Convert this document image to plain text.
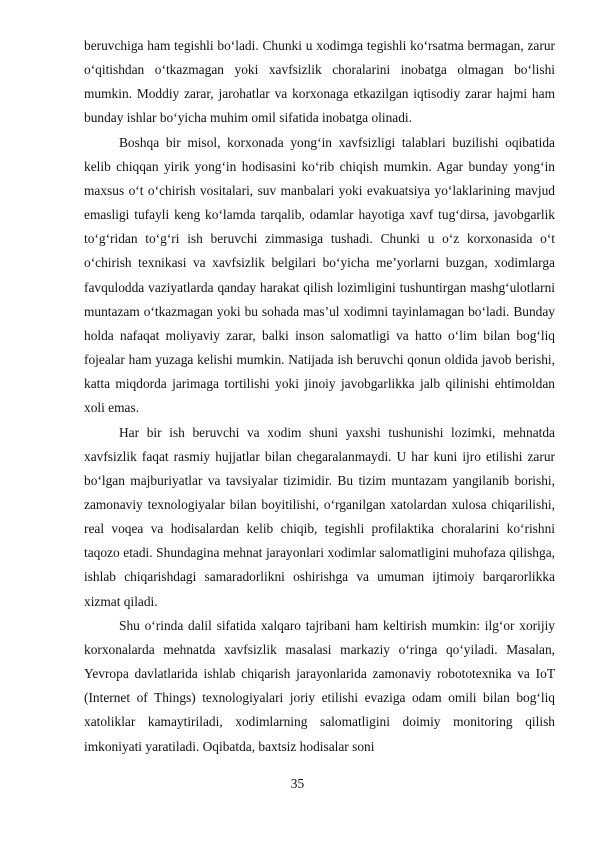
beruvchiga ham tegishli bo‘ladi. Chunki u xodimga tegishli ko‘rsatma bermagan, zarur o‘qitishdan o‘tkazmagan yoki xavfsizlik choralarini inobatga olmagan bo‘lishi mumkin. Moddiy zarar, jarohatlar va korxonaga etkazilgan iqtisodiy zarar hajmi ham bunday ishlar bo‘yicha muhim omil sifatida inobatga olinadi.

Boshqa bir misol, korxonada yong‘in xavfsizligi talablari buzilishi oqibatida kelib chiqqan yirik yong‘in hodisasini ko‘rib chiqish mumkin. Agar bunday yong‘in maxsus o‘t o‘chirish vositalari, suv manbalari yoki evakuatsiya yo‘laklarining mavjud emasligi tufayli keng ko‘lamda tarqalib, odamlar hayotiga xavf tug‘dirsa, javobgarlik to‘g‘ridan to‘g‘ri ish beruvchi zimmasiga tushadi. Chunki u o‘z korxonasida o‘t o‘chirish texnikasi va xavfsizlik belgilari bo‘yicha me’yorlarni buzgan, xodimlarga favqulodda vaziyatlarda qanday harakat qilish lozimligini tushuntirgan mashg‘ulotlarni muntazam o‘tkazmagan yoki bu sohada mas’ul xodimni tayinlamagan bo‘ladi. Bunday holda nafaqat moliyaviy zarar, balki inson salomatligi va hatto o‘lim bilan bog‘liq fojealar ham yuzaga kelishi mumkin. Natijada ish beruvchi qonun oldida javob berishi, katta miqdorda jarimaga tortilishi yoki jinoiy javobgarlikka jalb qilinishi ehtimoldan xoli emas.

Har bir ish beruvchi va xodim shuni yaxshi tushunishi lozimki, mehnatda xavfsizlik faqat rasmiy hujjatlar bilan chegaralanmaydi. U har kuni ijro etilishi zarur bo‘lgan majburiyatlar va tavsiyalar tizimidir. Bu tizim muntazam yangilanib borishi, zamonaviy texnologiyalar bilan boyitilishi, o‘rganilgan xatolardan xulosa chiqarilishi, real voqea va hodisalardan kelib chiqib, tegishli profilaktika choralarini ko‘rishni taqozo etadi. Shundagina mehnat jarayonlari xodimlar salomatligini muhofaza qilishga, ishlab chiqarishdagi samaradorlikni oshirishga va umuman ijtimoiy barqarorlikka xizmat qiladi.

Shu o‘rinda dalil sifatida xalqaro tajribani ham keltirish mumkin: ilg‘or xorijiy korxonalarda mehnatda xavfsizlik masalasi markaziy o‘ringa qo‘yiladi. Masalan, Yevropa davlatlarida ishlab chiqarish jarayonlarida zamonaviy robototexnika va IoT (Internet of Things) texnologiyalari joriy etilishi evaziga odam omili bilan bog‘liq xatoliklar kamaytiriladi, xodimlarning salomatligini doimiy monitoring qilish imkoniyati yaratiladi. Oqibatda, baxtsiz hodisalar soni

35
